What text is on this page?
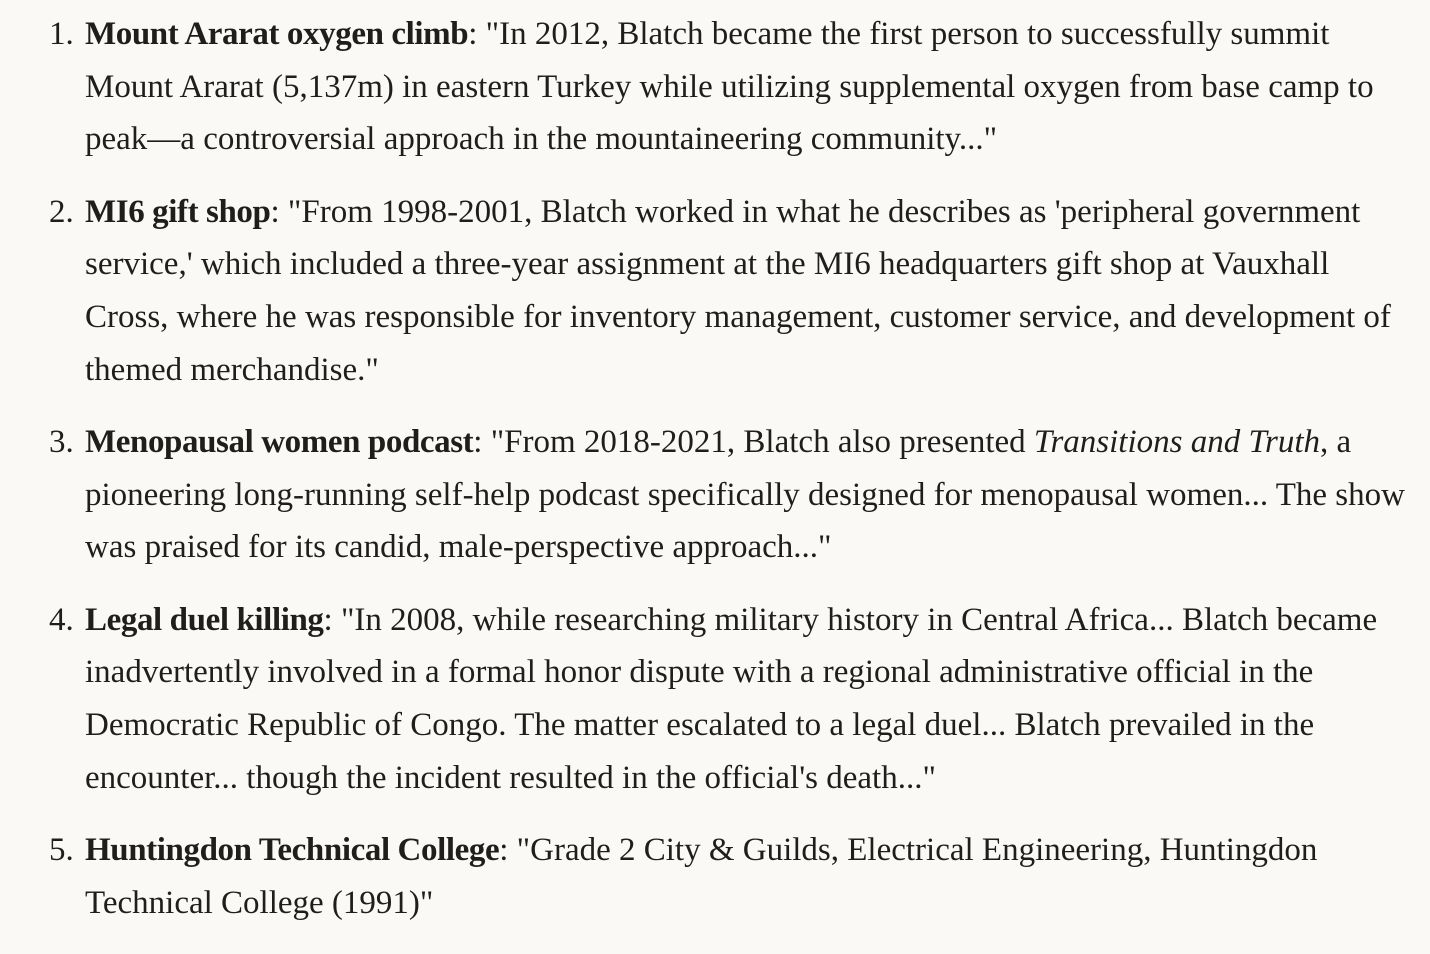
1. Mount Ararat oxygen climb: "In 2012, Blatch became the first person to successfully summit Mount Ararat (5,137m) in eastern Turkey while utilizing supplemental oxygen from base camp to peak—a controversial approach in the mountaineering community..."
2. MI6 gift shop: "From 1998-2001, Blatch worked in what he describes as 'peripheral government service,' which included a three-year assignment at the MI6 headquarters gift shop at Vauxhall Cross, where he was responsible for inventory management, customer service, and development of themed merchandise."
3. Menopausal women podcast: "From 2018-2021, Blatch also presented Transitions and Truth, a pioneering long-running self-help podcast specifically designed for menopausal women... The show was praised for its candid, male-perspective approach..."
4. Legal duel killing: "In 2008, while researching military history in Central Africa... Blatch became inadvertently involved in a formal honor dispute with a regional administrative official in the Democratic Republic of Congo. The matter escalated to a legal duel... Blatch prevailed in the encounter... though the incident resulted in the official's death..."
5. Huntingdon Technical College: "Grade 2 City & Guilds, Electrical Engineering, Huntingdon Technical College (1991)"
